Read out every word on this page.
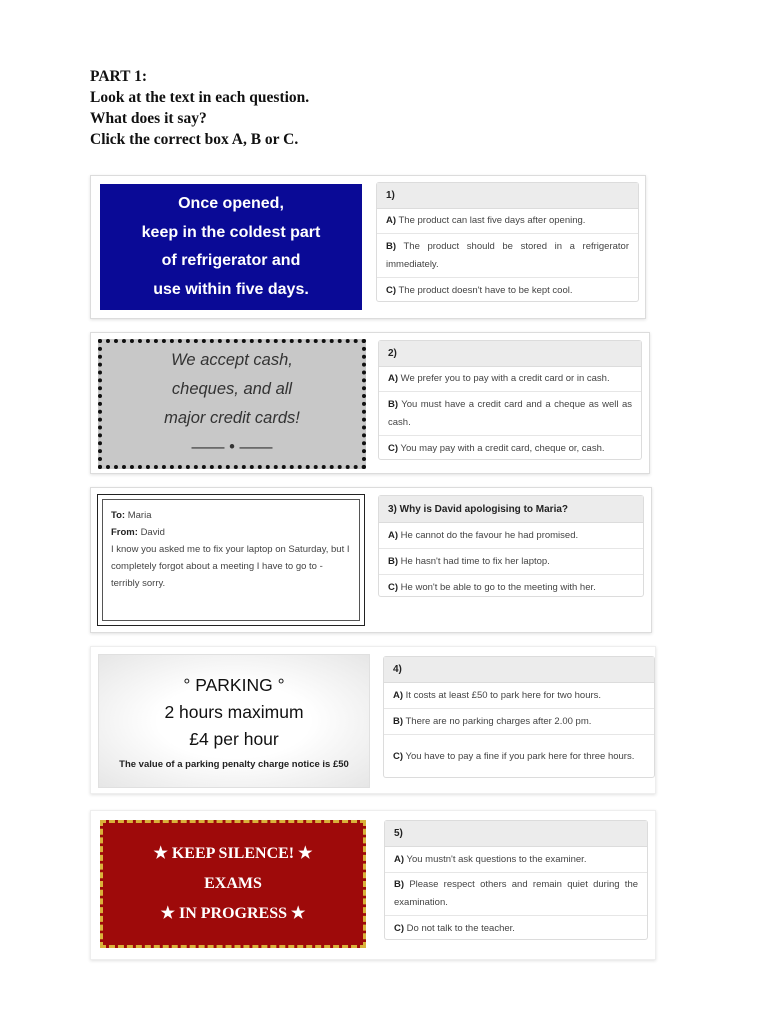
PART 1:
Look at the text in each question.
What does it say?
Click the correct box A, B or C.
Once opened,
keep in the coldest part
of refrigerator and
use within five days.
1)
A) The product can last five days after opening.
B) The product should be stored in a refrigerator immediately.
C) The product doesn't have to be kept cool.
We accept cash,
cheques, and all
major credit cards!
—— • ——
2)
A) We prefer you to pay with a credit card or in cash.
B) You must have a credit card and a cheque as well as cash.
C) You may pay with a credit card, cheque or, cash.
To: Maria
From: David
I know you asked me to fix your laptop on Saturday, but I completely forgot about a meeting I have to go to - terribly sorry.
3) Why is David apologising to Maria?
A) He cannot do the favour he had promised.
B) He hasn't had time to fix her laptop.
C) He won't be able to go to the meeting with her.
° PARKING °
2 hours maximum
£4 per hour
The value of a parking penalty charge notice is £50
4)
A) It costs at least £50 to park here for two hours.
B) There are no parking charges after 2.00 pm.
C) You have to pay a fine if you park here for three hours.
★ KEEP SILENCE! ★
EXAMS
★ IN PROGRESS ★
5)
A) You mustn't ask questions to the examiner.
B) Please respect others and remain quiet during the examination.
C) Do not talk to the teacher.
